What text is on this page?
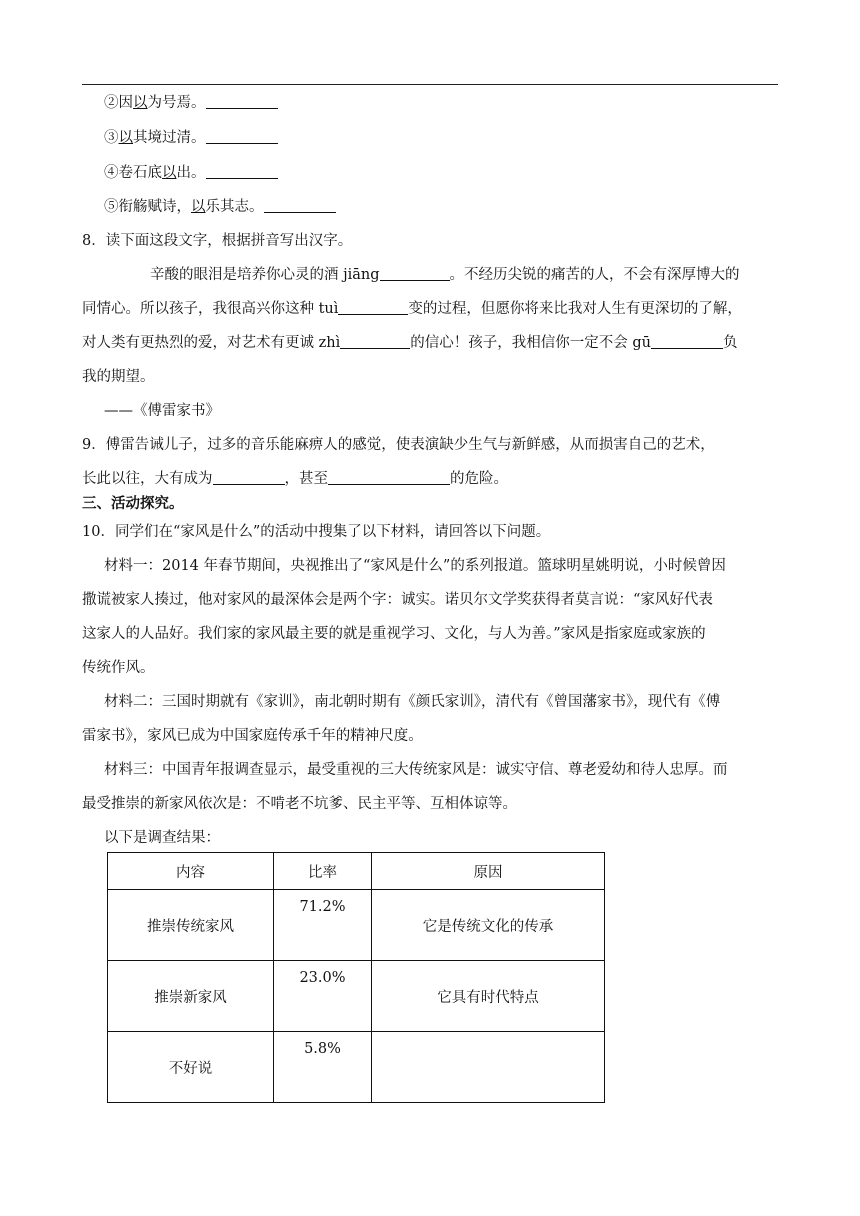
②因以为号焉。
③以其境过清。
④卷石底以出。
⑤衔觞赋诗，以乐其志。
8．读下面这段文字，根据拼音写出汉字。
辛酸的眼泪是培养你心灵的酒 jiāng	。不经历尖锐的痛苦的人，不会有深厚博大的
同情心。所以孩子，我很高兴你这种 tuì	变的过程，但愿你将来比我对人生有更深切的了解，
对人类有更热烈的爱，对艺术有更诚 zhì	的信心！孩子，我相信你一定不会 gū	负
我的期望。
——《傅雷家书》
9．傅雷告诫儿子，过多的音乐能麻痹人的感觉，使表演缺少生气与新鲜感，从而损害自己的艺术，
长此以往，大有成为	，甚至	的危险。
三、活动探究。
10．同学们在“家风是什么”的活动中搜集了以下材料，请回答以下问题。
材料一：2014 年春节期间，央视推出了“家风是什么”的系列报道。篮球明星姚明说，小时候曾因
撒谎被家人揍过，他对家风的最深体会是两个字：诚实。诺贝尔文学奖获得者莫言说：“家风好代表
这家人的人品好。我们家的家风最主要的就是重视学习、文化，与人为善。”家风是指家庭或家族的
传统作风。
材料二：三国时期就有《家训》，南北朝时期有《颜氏家训》，清代有《曾国藩家书》，现代有《傅
雷家书》，家风已成为中国家庭传承千年的精神尺度。
材料三：中国青年报调查显示，最受重视的三大传统家风是：诚实守信、尊老爱幼和待人忠厚。而
最受推崇的新家风依次是：不啃老不坑爹、民主平等、互相体谅等。
以下是调查结果：
内容	比率	原因
推崇传统家风	71.2%	它是传统文化的传承
推崇新家风	23.0%	它具有时代特点
不好说	5.8%	
